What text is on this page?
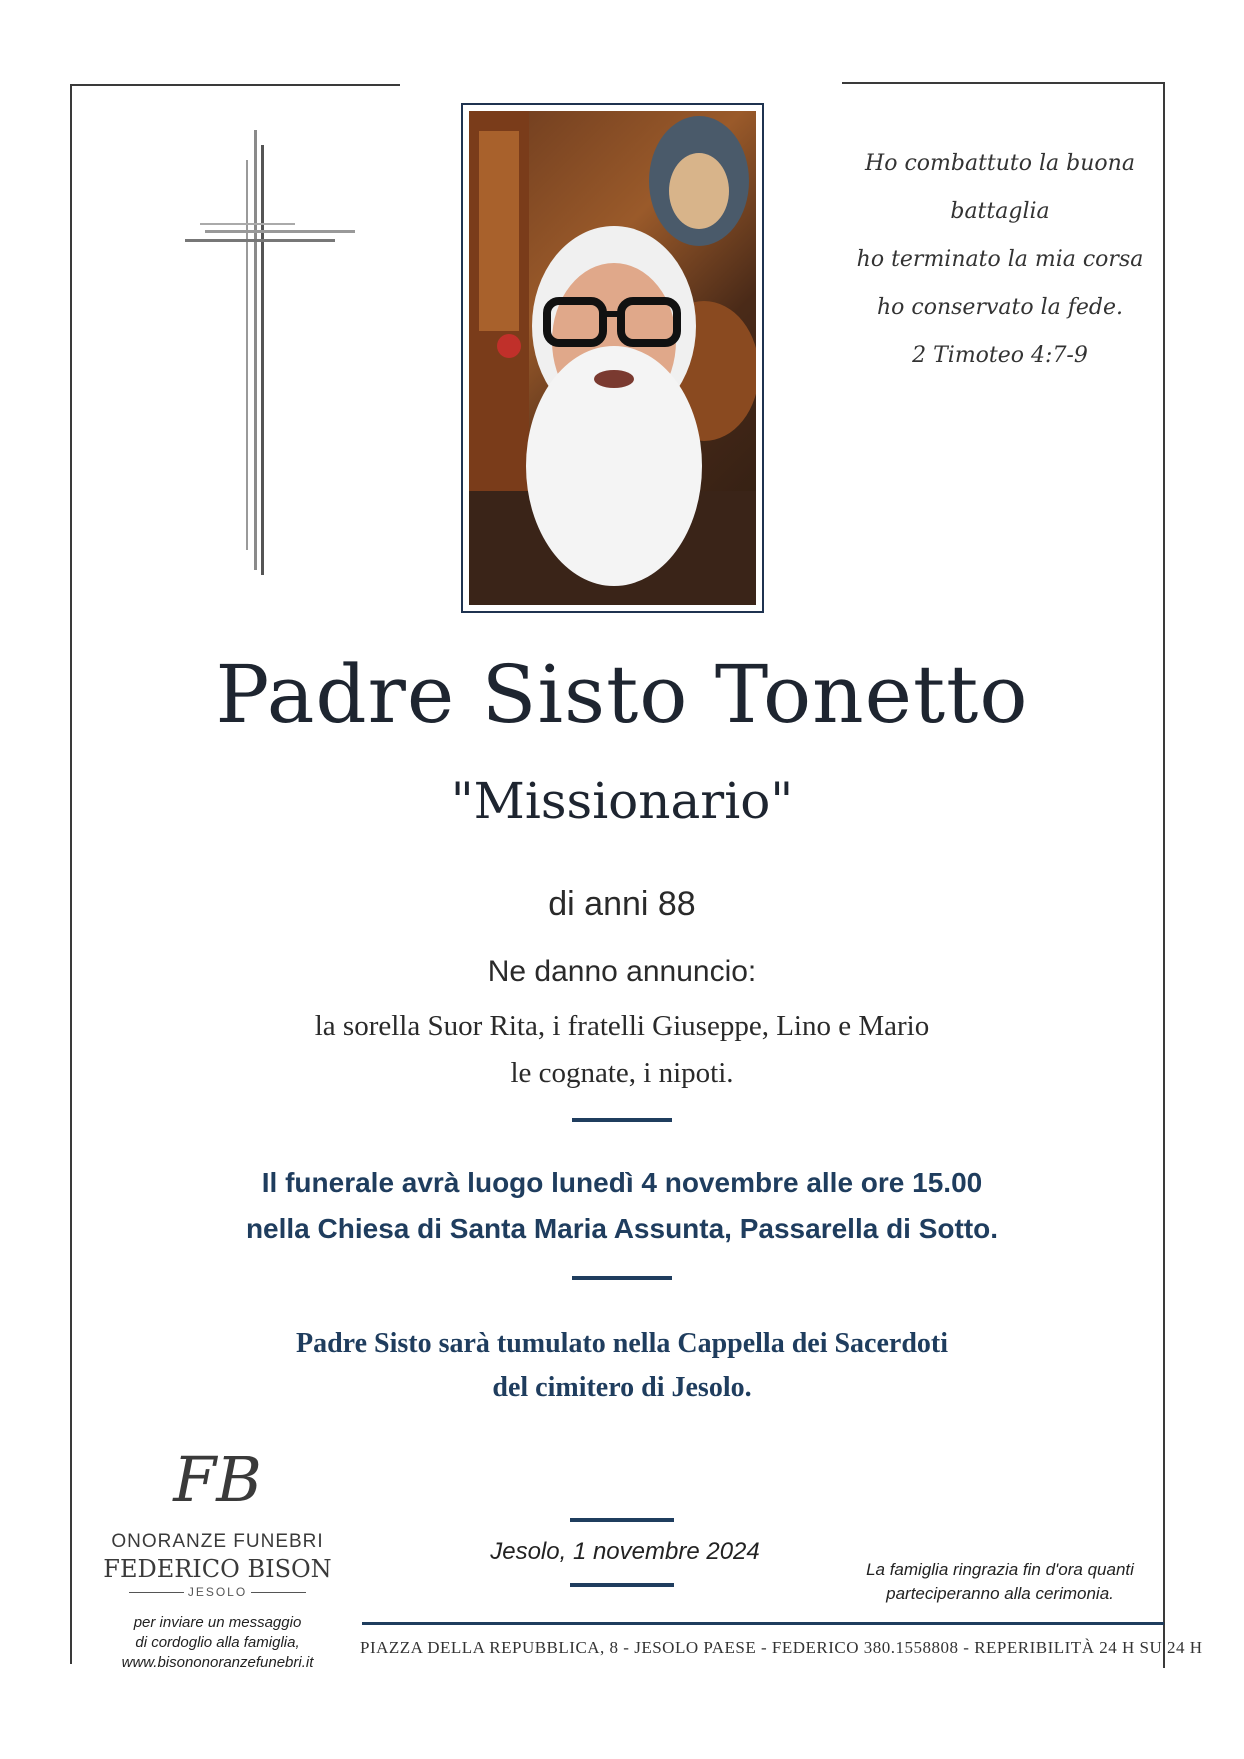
Ho combattuto la buona
battaglia
ho terminato la mia corsa
ho conservato la fede.
2 Timoteo 4:7-9
Padre Sisto Tonetto
"Missionario"
di anni 88
Ne danno annuncio:
la sorella Suor Rita, i fratelli Giuseppe, Lino e Mario
le cognate, i nipoti.
Il funerale avrà luogo lunedì 4 novembre alle ore 15.00
nella Chiesa di Santa Maria Assunta, Passarella di Sotto.
Padre Sisto sarà tumulato nella Cappella dei Sacerdoti
del cimitero di Jesolo.
FB
ONORANZE FUNEBRI
FEDERICO BISON
JESOLO
per inviare un messaggio
di cordoglio alla famiglia,
www.bisononoranzefunebri.it
Jesolo, 1 novembre 2024
La famiglia ringrazia fin d'ora quanti
parteciperanno alla cerimonia.
PIAZZA DELLA REPUBBLICA, 8 - JESOLO PAESE - FEDERICO 380.1558808 - REPERIBILITÀ 24 H SU 24 H
